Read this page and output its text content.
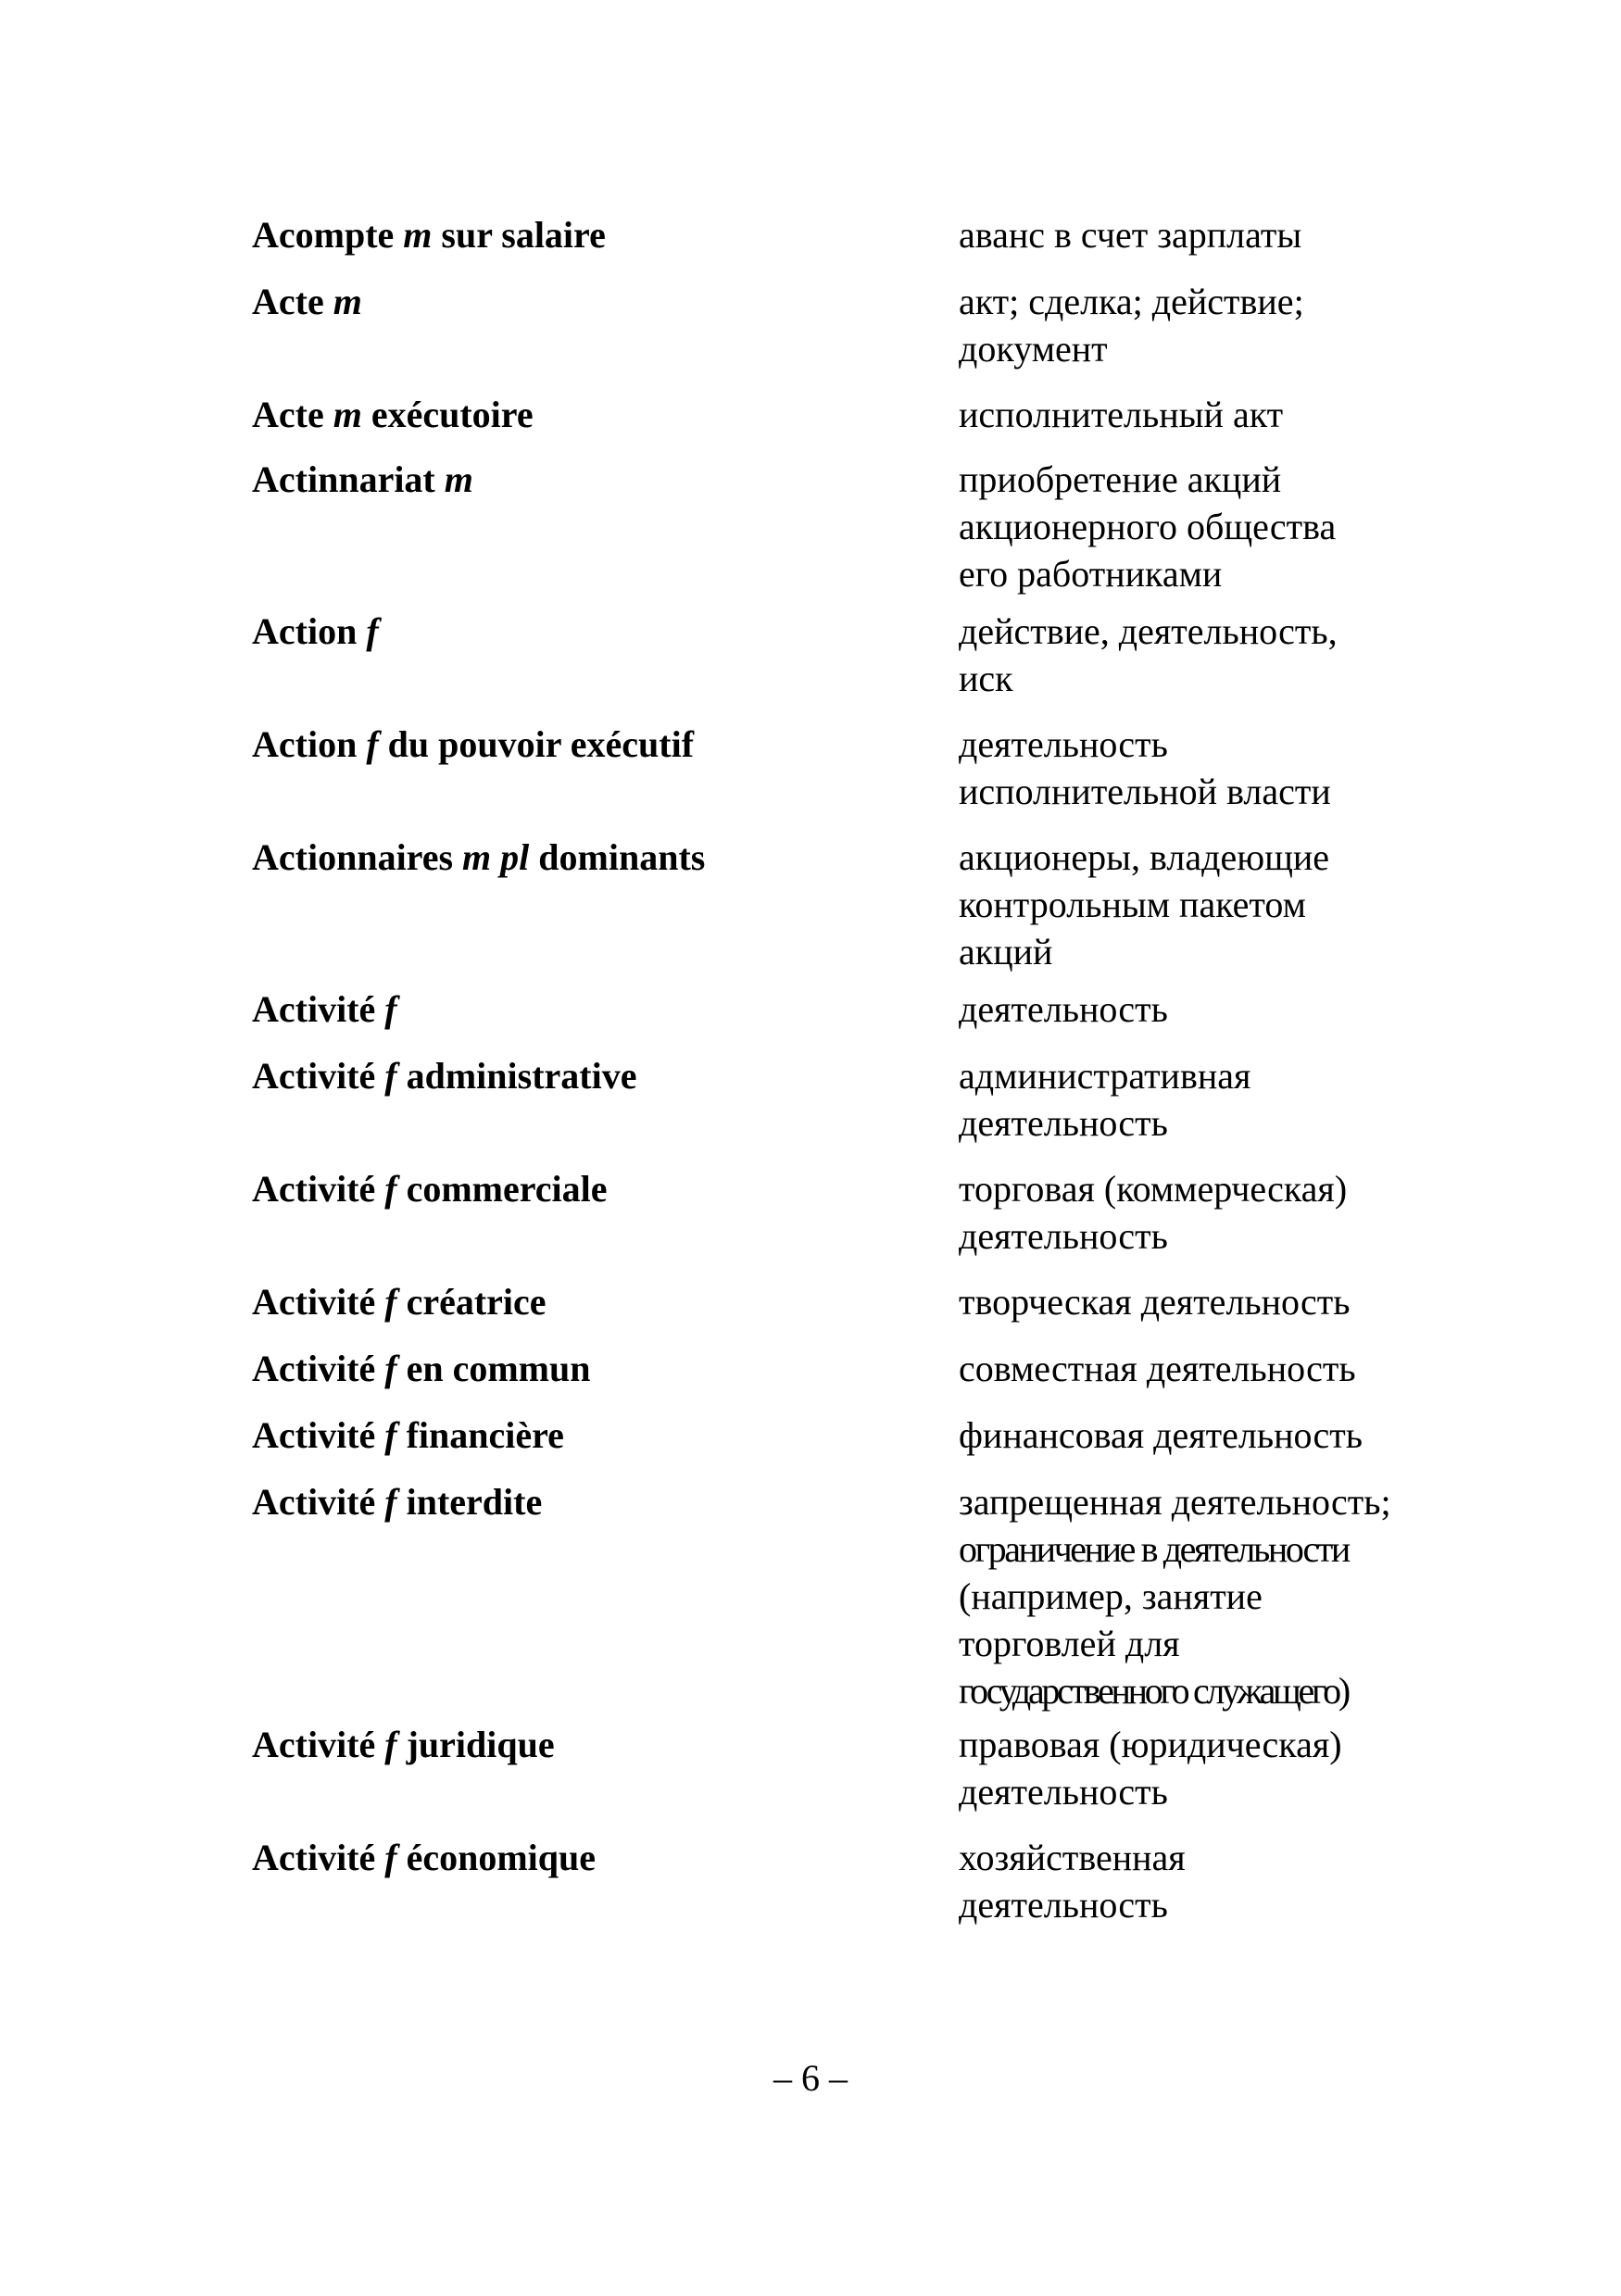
Acompte m sur salaire	аванс в счет зарплаты
Acte m	акт; сделка; действие;
документ
Acte m exécutoire	исполнительный акт
Actinnariat m	приобретение акций
акционерного общества
его работниками
Action f	действие, деятельность,
иск
Action f du pouvoir exécutif	деятельность
исполнительной власти
Actionnaires m pl dominants	акционеры, владеющие
контрольным пакетом
акций
Activité f	деятельность
Activité f administrative	административная
деятельность
Activité f commerciale	торговая (коммерческая)
деятельность
Activité f créatrice	творческая деятельность
Activité f en commun	совместная деятельность
Activité f financière	финансовая деятельность
Activité f interdite	запрещенная деятельность;
ограничение в деятельности
(например, занятие
торговлей для
государственного служащего)
Activité f juridique	правовая (юридическая)
деятельность
Activité f économique	хозяйственная
деятельность
– 6 –
